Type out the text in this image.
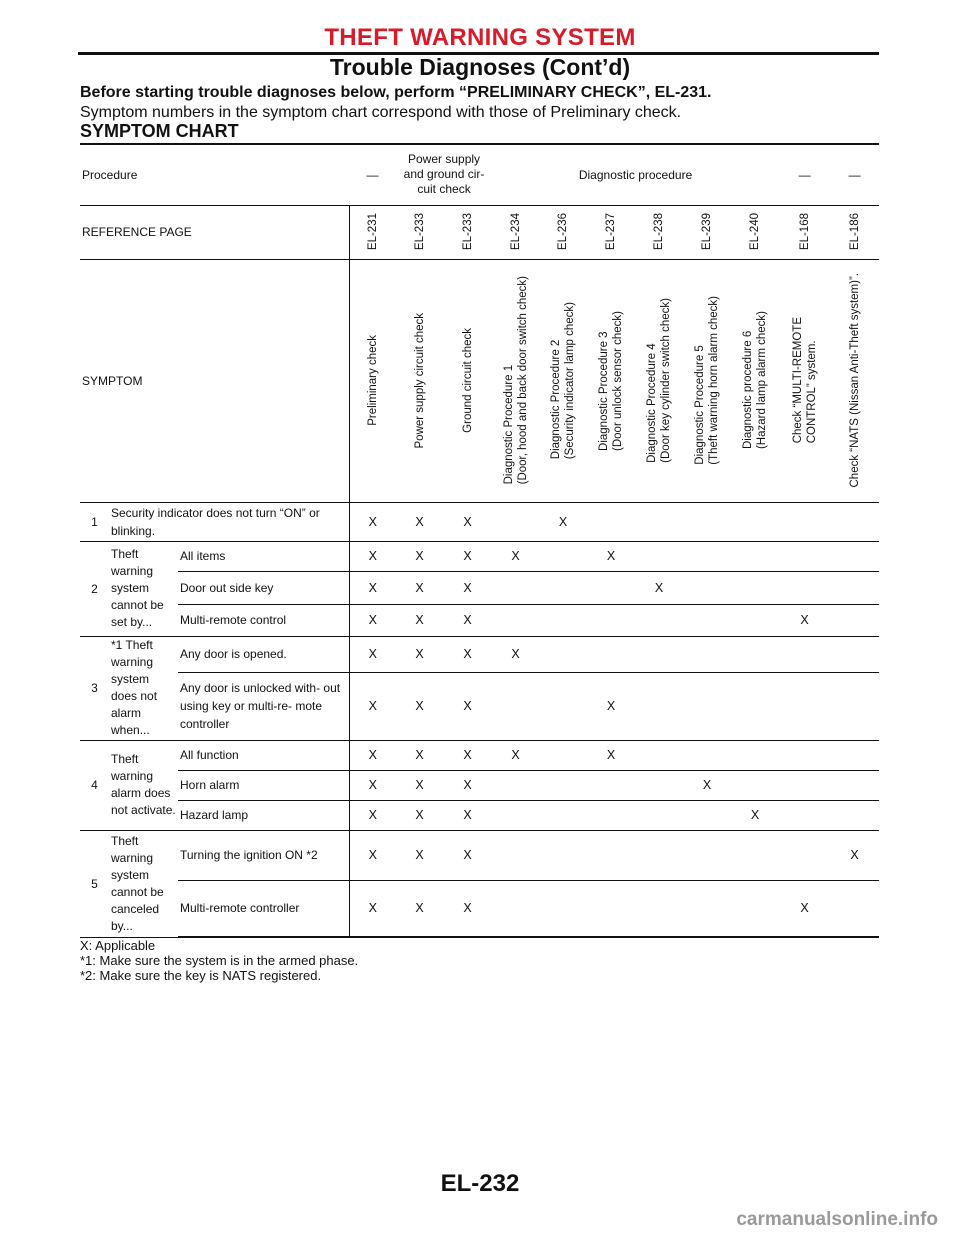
THEFT WARNING SYSTEM
Trouble Diagnoses (Cont’d)
Before starting trouble diagnoses below, perform “PRELIMINARY CHECK”, EL-231.
Symptom numbers in the symptom chart correspond with those of Preliminary check.
SYMPTOM CHART
Procedure			—	Power supply and ground cir- cuit check		Diagnostic procedure						—	—
REFERENCE PAGE			EL-231	EL-233	EL-233	EL-234	EL-236	EL-237	EL-238	EL-239	EL-240	EL-168	EL-186

SYMPTOM			Preliminary check	Power supply circuit check	Ground circuit check	Diagnostic Procedure 1 (Door, hood and back door switch check)	Diagnostic Procedure 2 (Security indicator lamp check)	Diagnostic Procedure 3 (Door unlock sensor check)	Diagnostic Procedure 4 (Door key cylinder switch check)	Diagnostic Procedure 5 (Theft warning horn alarm check)	Diagnostic procedure 6 (Hazard lamp alarm check)	Check “MULTI-REMOTE CONTROL” system.	Check “NATS (Nissan Anti-Theft system)”.

1	Security indicator does not turn “ON” or blinking.		X	X	X		X						
2	Theft warning system cannot be set by...	All items	X	X	X	X		X					
		Door out side key	X	X	X				X				
		Multi-remote control	X	X	X							X	
3	*1 Theft warning system does not alarm when...	Any door is opened.	X	X	X	X							
		Any door is unlocked with- out using key or multi-re- mote controller	X	X	X			X					
4	Theft warning alarm does not activate.	All function	X	X	X	X		X					
		Horn alarm	X	X	X					X			
		Hazard lamp	X	X	X						X		
5	Theft warning system cannot be canceled by...	Turning the ignition ON *2	X	X	X								X
		Multi-remote controller	X	X	X							X	
X: Applicable
*1: Make sure the system is in the armed phase.
*2: Make sure the key is NATS registered.
EL-232
carmanualsonline.info
